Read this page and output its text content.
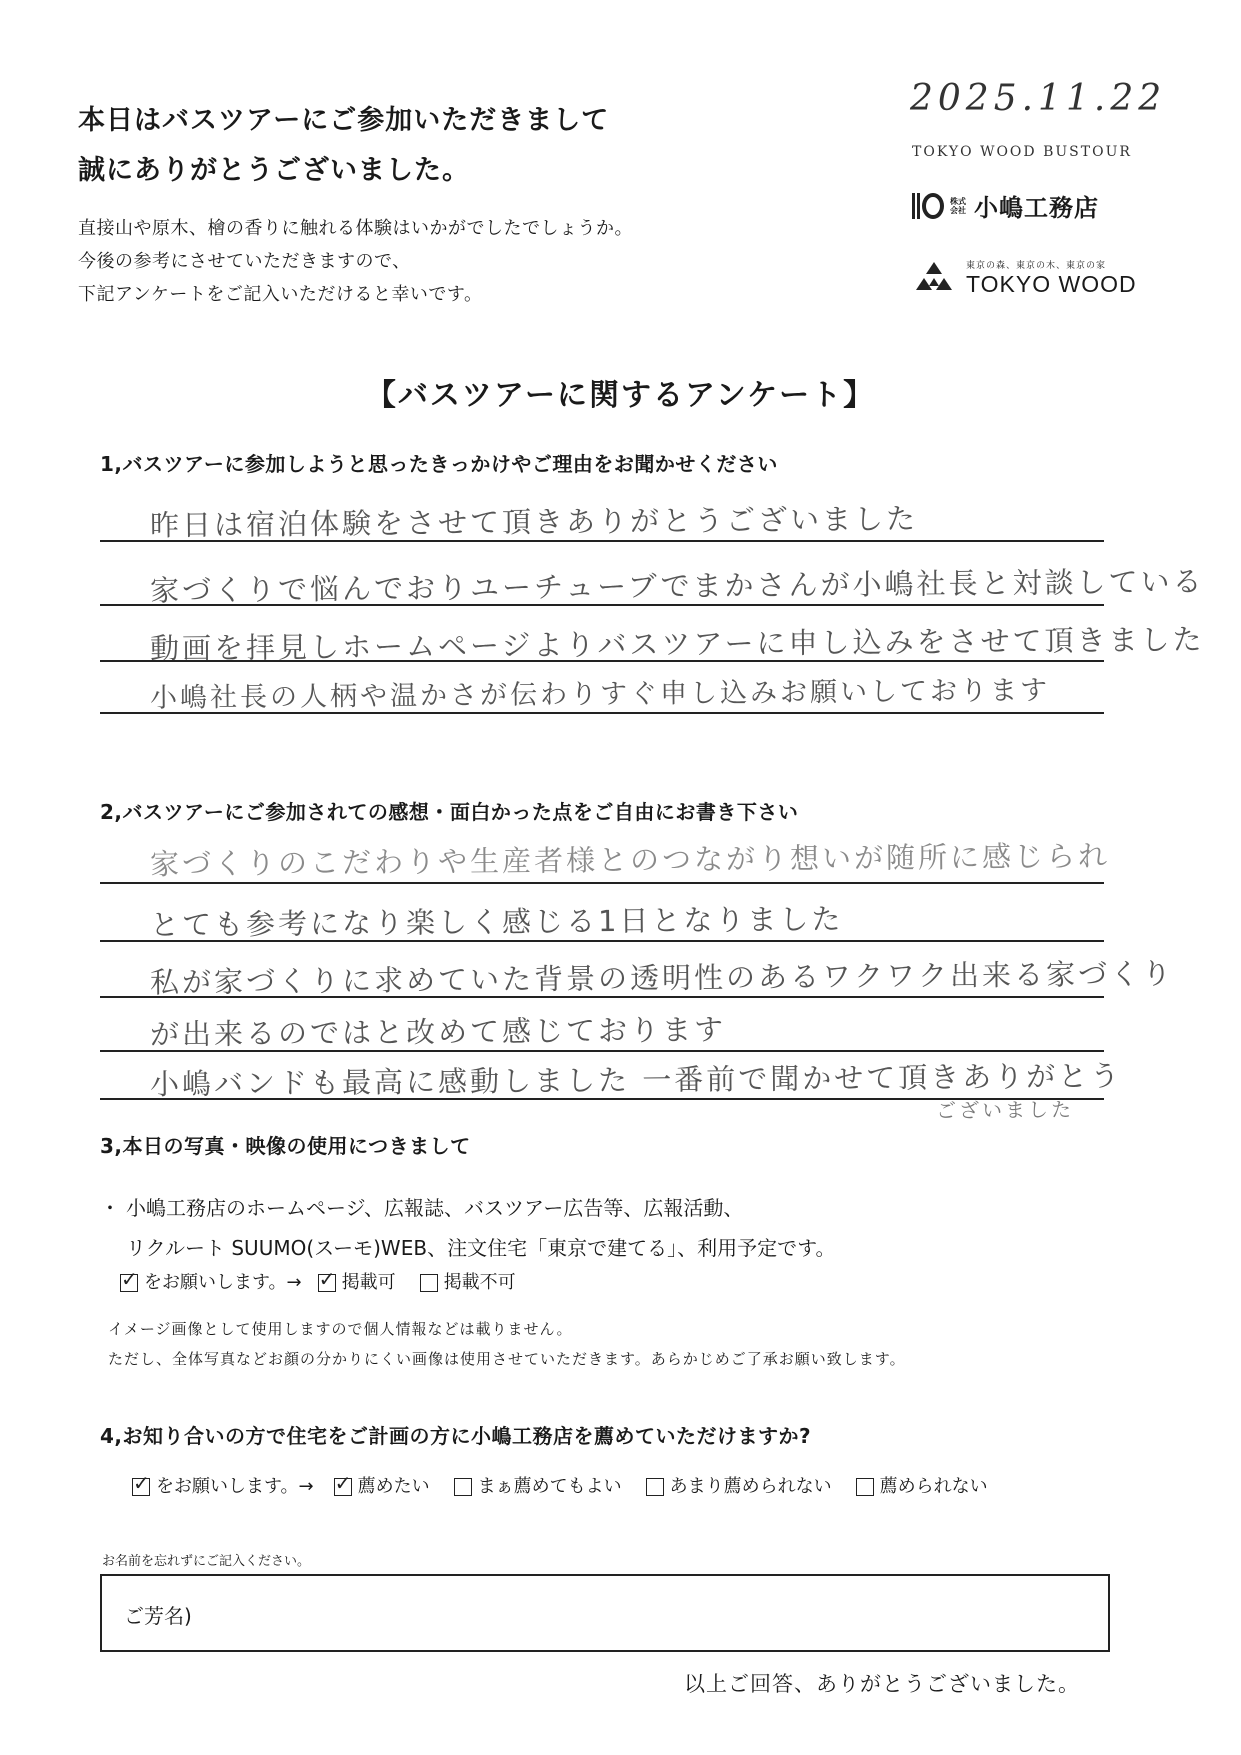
本日はバスツアーにご参加いただきまして
誠にありがとうございました。
直接山や原木、檜の香りに触れる体験はいかがでしたでしょうか。
今後の参考にさせていただきますので、
下記アンケートをご記入いただけると幸いです。
2025.11.22
TOKYO WOOD BUSTOUR
株式会社 小嶋工務店
東京の森、東京の木、東京の家
TOKYO WOOD
【バスツアーに関するアンケート】
1,バスツアーに参加しようと思ったきっかけやご理由をお聞かせください
昨日は宿泊体験をさせて頂きありがとうございました
家づくりで悩んでおりユーチューブでまかさんが小嶋社長と対談している
動画を拝見しホームページよりバスツアーに申し込みをさせて頂きました
小嶋社長の人柄や温かさが伝わりすぐ申し込みお願いしております
2,バスツアーにご参加されての感想・面白かった点をご自由にお書き下さい
家づくりのこだわりや生産者様とのつながり想いが随所に感じられ
とても参考になり楽しく感じる1日となりました
私が家づくりに求めていた背景の透明性のあるワクワク出来る家づくり
が出来るのではと改めて感じております
小嶋バンドも最高に感動しました 一番前で聞かせて頂きありがとう
ございました
3,本日の写真・映像の使用につきまして
・ 小嶋工務店のホームページ、広報誌、バスツアー広告等、広報活動、
リクルート SUUMO(スーモ)WEB、注文住宅「東京で建てる」、利用予定です。
✓をお願いします。→ ✓	掲載可	掲載不可
イメージ画像として使用しますので個人情報などは載りません。
ただし、全体写真などお顔の分かりにくい画像は使用させていただきます。あらかじめご了承お願い致します。
4,お知り合いの方で住宅をご計画の方に小嶋工務店を薦めていただけますか?
✓をお願いします。→ ✓	薦めたい	まぁ薦めてもよい	あまり薦められない	薦められない
お名前を忘れずにご記入ください。
ご芳名)
以上ご回答、ありがとうございました。
